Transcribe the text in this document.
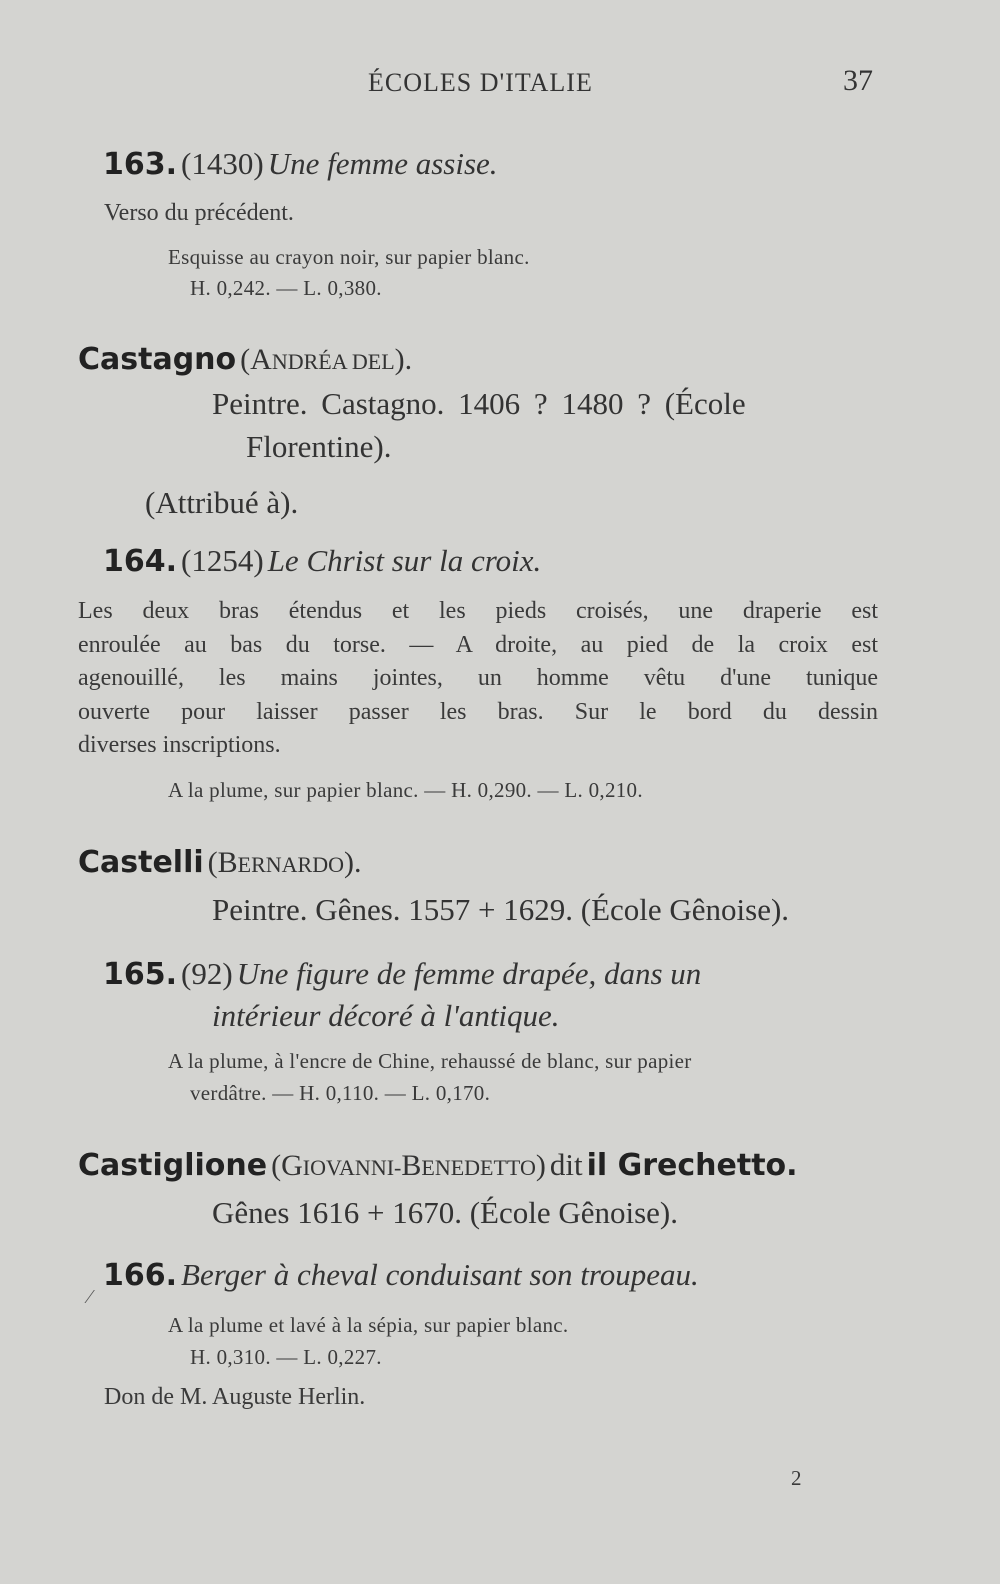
ÉCOLES D'ITALIE	37
163. (1430) Une femme assise.
Verso du précédent.
Esquisse au crayon noir, sur papier blanc.
H. 0,242. — L. 0,380.
Castagno (ANDRÉA DEL).
Peintre. Castagno. 1406 ? 1480 ? (École
Florentine).
(Attribué à).
164. (1254) Le Christ sur la croix.
Les deux bras étendus et les pieds croisés, une draperie est
enroulée au bas du torse. — A droite, au pied de la croix est
agenouillé, les mains jointes, un homme vêtu d'une tunique
ouverte pour laisser passer les bras. Sur le bord du dessin
diverses inscriptions.
A la plume, sur papier blanc. — H. 0,290. — L. 0,210.
Castelli (BERNARDO).
Peintre. Gênes. 1557 + 1629. (École Gênoise).
165. (92) Une figure de femme drapée, dans un
intérieur décoré à l'antique.
A la plume, à l'encre de Chine, rehaussé de blanc, sur papier
verdâtre. — H. 0,110. — L. 0,170.
Castiglione (GIOVANNI-BENEDETTO) dit il Grechetto.
Gênes 1616 + 1670. (École Gênoise).
⁄
166. Berger à cheval conduisant son troupeau.
A la plume et lavé à la sépia, sur papier blanc.
H. 0,310. — L. 0,227.
Don de M. Auguste Herlin.
2
